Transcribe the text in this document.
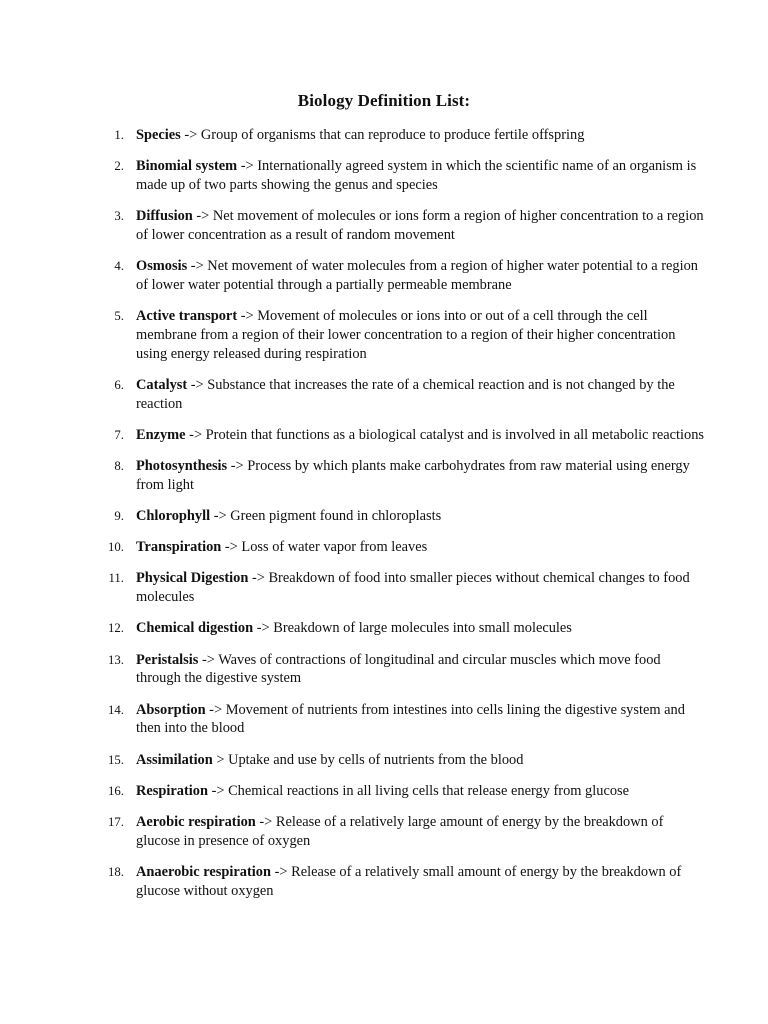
Biology Definition List:
1. Species -> Group of organisms that can reproduce to produce fertile offspring
2. Binomial system -> Internationally agreed system in which the scientific name of an organism is made up of two parts showing the genus and species
3. Diffusion -> Net movement of molecules or ions form a region of higher concentration to a region of lower concentration as a result of random movement
4. Osmosis -> Net movement of water molecules from a region of higher water potential to a region of lower water potential through a partially permeable membrane
5. Active transport -> Movement of molecules or ions into or out of a cell through the cell membrane from a region of their lower concentration to a region of their higher concentration using energy released during respiration
6. Catalyst -> Substance that increases the rate of a chemical reaction and is not changed by the reaction
7. Enzyme -> Protein that functions as a biological catalyst and is involved in all metabolic reactions
8. Photosynthesis -> Process by which plants make carbohydrates from raw material using energy from light
9. Chlorophyll -> Green pigment found in chloroplasts
10. Transpiration -> Loss of water vapor from leaves
11. Physical Digestion -> Breakdown of food into smaller pieces without chemical changes to food molecules
12. Chemical digestion -> Breakdown of large molecules into small molecules
13. Peristalsis -> Waves of contractions of longitudinal and circular muscles which move food through the digestive system
14. Absorption -> Movement of nutrients from intestines into cells lining the digestive system and then into the blood
15. Assimilation > Uptake and use by cells of nutrients from the blood
16. Respiration -> Chemical reactions in all living cells that release energy from glucose
17. Aerobic respiration -> Release of a relatively large amount of energy by the breakdown of glucose in presence of oxygen
18. Anaerobic respiration -> Release of a relatively small amount of energy by the breakdown of glucose without oxygen
